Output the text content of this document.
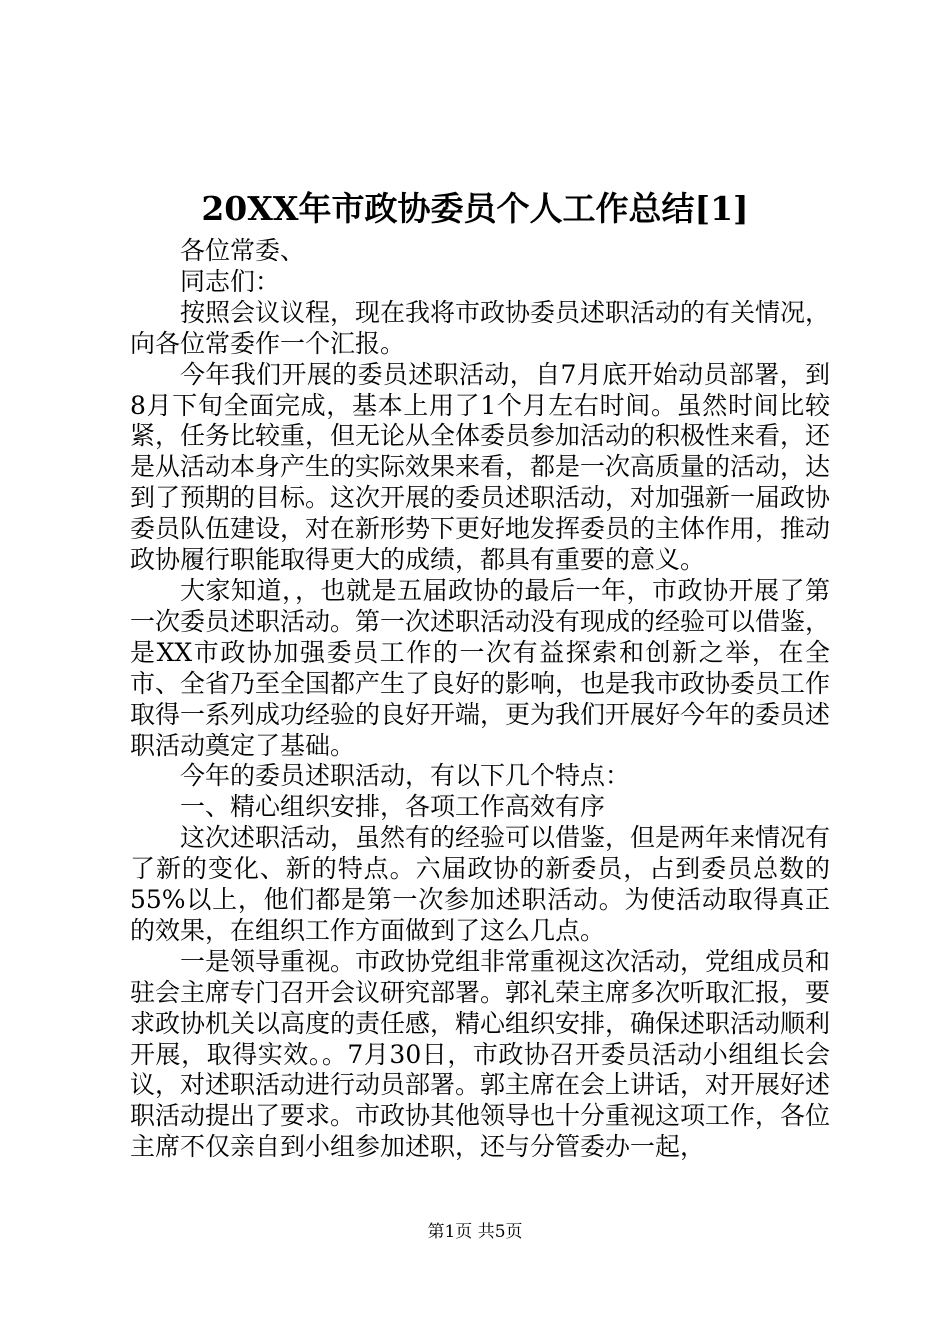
20XX年市政协委员个人工作总结[1]

各位常委、

同志们：

按照会议议程，现在我将市政协委员述职活动的有关情况，向各位常委作一个汇报。

今年我们开展的委员述职活动，自7月底开始动员部署，到8月下旬全面完成，基本上用了1个月左右时间。虽然时间比较紧，任务比较重，但无论从全体委员参加活动的积极性来看，还是从活动本身产生的实际效果来看，都是一次高质量的活动，达到了预期的目标。这次开展的委员述职活动，对加强新一届政协委员队伍建设，对在新形势下更好地发挥委员的主体作用，推动政协履行职能取得更大的成绩，都具有重要的意义。

大家知道，，也就是五届政协的最后一年，市政协开展了第一次委员述职活动。第一次述职活动没有现成的经验可以借鉴，是XX市政协加强委员工作的一次有益探索和创新之举，在全市、全省乃至全国都产生了良好的影响，也是我市政协委员工作取得一系列成功经验的良好开端，更为我们开展好今年的委员述职活动奠定了基础。

今年的委员述职活动，有以下几个特点：

一、精心组织安排，各项工作高效有序

这次述职活动，虽然有的经验可以借鉴，但是两年来情况有了新的变化、新的特点。六届政协的新委员，占到委员总数的55%以上，他们都是第一次参加述职活动。为使活动取得真正的效果，在组织工作方面做到了这么几点。

一是领导重视。市政协党组非常重视这次活动，党组成员和驻会主席专门召开会议研究部署。郭礼荣主席多次听取汇报，要求政协机关以高度的责任感，精心组织安排，确保述职活动顺利开展，取得实效。。7月30日，市政协召开委员活动小组组长会议，对述职活动进行动员部署。郭主席在会上讲话，对开展好述职活动提出了要求。市政协其他领导也十分重视这项工作，各位主席不仅亲自到小组参加述职，还与分管委办一起，

第1页 共5页
